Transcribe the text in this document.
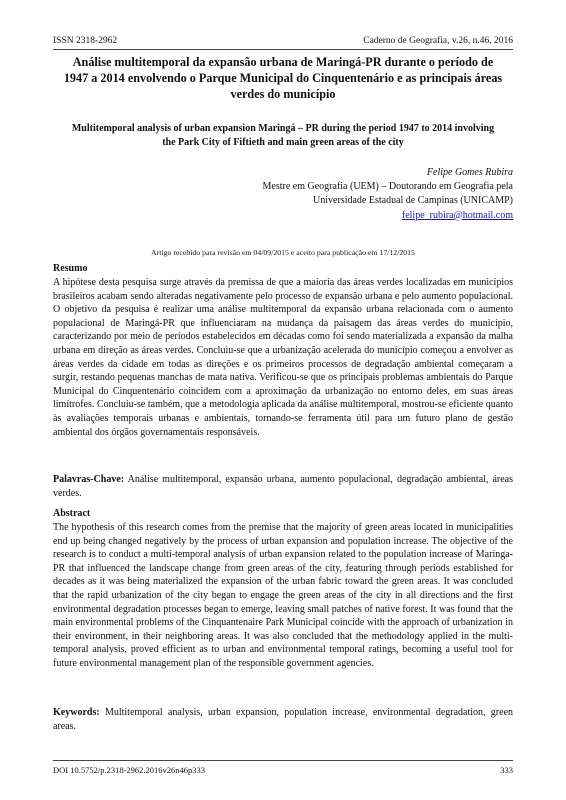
ISSN 2318-2962	Caderno de Geografia, v.26, n.46, 2016
Análise multitemporal da expansão urbana de Maringá-PR durante o período de 1947 a 2014 envolvendo o Parque Municipal do Cinquentenário e as principais áreas verdes do município
Multitemporal analysis of urban expansion Maringá – PR during the period 1947 to 2014 involving the Park City of Fiftieth and main green areas of the city
Felipe Gomes Rubira
Mestre em Geografia (UEM) – Doutorando em Geografia pela
Universidade Estadual de Campinas (UNICAMP)
felipe_rubira@hotmail.com
Artigo recebido para revisão em 04/09/2015 e aceito para publicação em 17/12/2015
Resumo

A hipótese desta pesquisa surge através da premissa de que a maioria das áreas verdes localizadas em municípios brasileiros acabam sendo alteradas negativamente pelo processo de expansão urbana e pelo aumento populacional. O objetivo da pesquisa é realizar uma análise multitemporal da expansão urbana relacionada com o aumento populacional de Maringá-PR que influenciaram na mudança da paisagem das áreas verdes do município, caracterizando por meio de períodos estabelecidos em décadas como foi sendo materializada a expansão da malha urbana em direção as áreas verdes. Concluiu-se que a urbanização acelerada do município começou a envolver as áreas verdes da cidade em todas as direções e os primeiros processos de degradação ambiental começaram a surgir, restando pequenas manchas de mata nativa. Verificou-se que os principais problemas ambientais do Parque Municipal do Cinquentenário coincidem com a aproximação da urbanização no entorno deles, em suas áreas limítrofes. Concluiu-se também, que a metodologia aplicada da análise multitemporal, mostrou-se eficiente quanto às avaliações temporais urbanas e ambientais, tornando-se ferramenta útil para um futuro plano de gestão ambiental dos órgãos governamentais responsáveis.

Palavras-Chave: Análise multitemporal, expansão urbana, aumento populacional, degradação ambiental, áreas verdes.

Abstract

The hypothesis of this research comes from the premise that the majority of green areas located in municipalities end up being changed negatively by the process of urban expansion and population increase. The objective of the research is to conduct a multi-temporal analysis of urban expansion related to the population increase of Maringa-PR that influenced the landscape change from green areas of the city, featuring through periods established for decades as it was being materialized the expansion of the urban fabric toward the green areas. It was concluded that the rapid urbanization of the city began to engage the green areas of the city in all directions and the first environmental degradation processes began to emerge, leaving small patches of native forest. It was found that the main environmental problems of the Cinquantenaire Park Municipal coincide with the approach of urbanization in their environment, in their neighboring areas. It was also concluded that the methodology applied in the multi-temporal analysis, proved efficient as to urban and environmental temporal ratings, becoming a useful tool for future environmental management plan of the responsible government agencies.

Keywords: Multitemporal analysis, urban expansion, population increase, environmental degradation, green areas.

DOI 10.5752/p.2318-2962.2016v26n46p333	333
